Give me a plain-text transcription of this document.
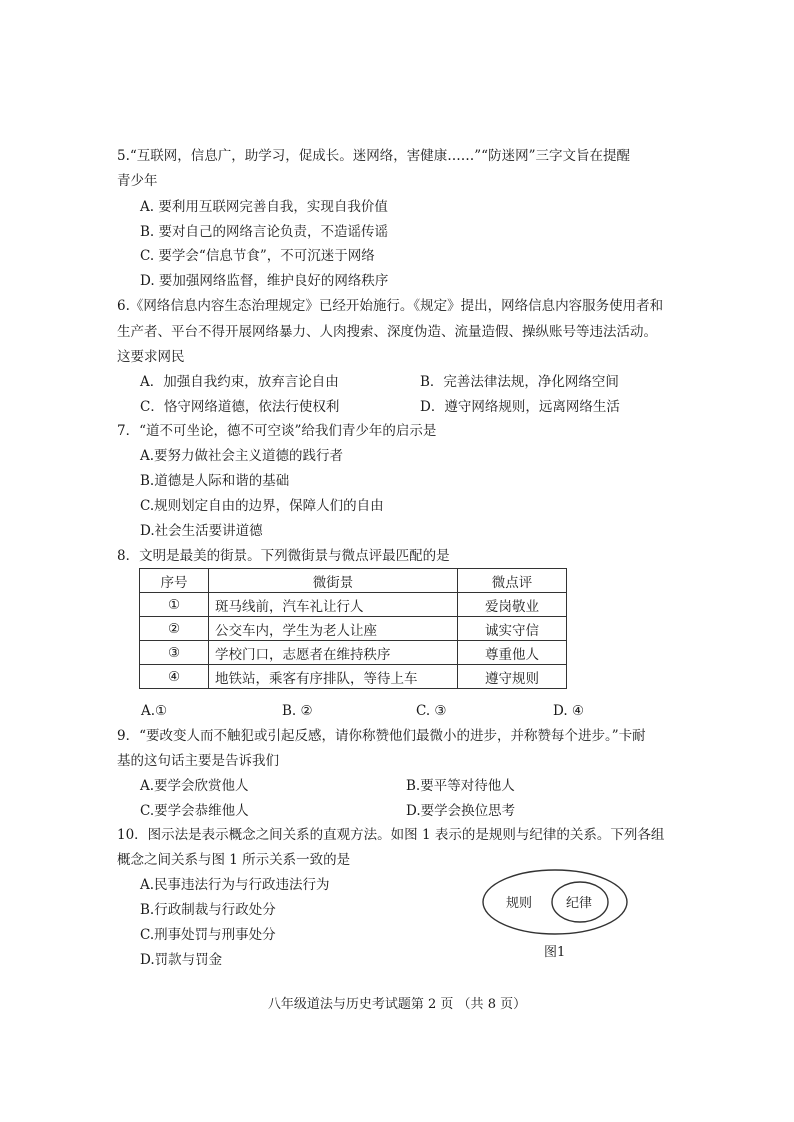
5.“互联网，信息广，助学习，促成长。迷网络，害健康……”“防迷网”三字文旨在提醒
青少年
A. 要利用互联网完善自我，实现自我价值
B. 要对自己的网络言论负责，不造谣传谣
C. 要学会“信息节食”，不可沉迷于网络
D. 要加强网络监督，维护良好的网络秩序
6.《网络信息内容生态治理规定》已经开始施行。《规定》提出，网络信息内容服务使用者和
生产者、平台不得开展网络暴力、人肉搜索、深度伪造、流量造假、操纵账号等违法活动。
这要求网民
A．加强自我约束，放弃言论自由	B．完善法律法规，净化网络空间
C．恪守网络道德，依法行使权利	D．遵守网络规则，远离网络生活
7．“道不可坐论，德不可空谈”给我们青少年的启示是
A.要努力做社会主义道德的践行者
B.道德是人际和谐的基础
C.规则划定自由的边界，保障人们的自由
D.社会生活要讲道德
8．文明是最美的街景。下列微街景与微点评最匹配的是
序号	微街景	微点评
①	斑马线前，汽车礼让行人	爱岗敬业
②	公交车内，学生为老人让座	诚实守信
③	学校门口，志愿者在维持秩序	尊重他人
④	地铁站，乘客有序排队，等待上车	遵守规则
A.①	B. ②	C. ③	D. ④
9．“要改变人而不触犯或引起反感，请你称赞他们最微小的进步，并称赞每个进步。”卡耐
基的这句话主要是告诉我们
A.要学会欣赏他人	B.要平等对待他人
C.要学会恭维他人	D.要学会换位思考
10．图示法是表示概念之间关系的直观方法。如图 1 表示的是规则与纪律的关系。下列各组
概念之间关系与图 1 所示关系一致的是
A.民事违法行为与行政违法行为
B.行政制裁与行政处分
C.刑事处罚与刑事处分
D.罚款与罚金
规则	纪律
图1
八年级道法与历史考试题第 2 页 （共 8 页）
